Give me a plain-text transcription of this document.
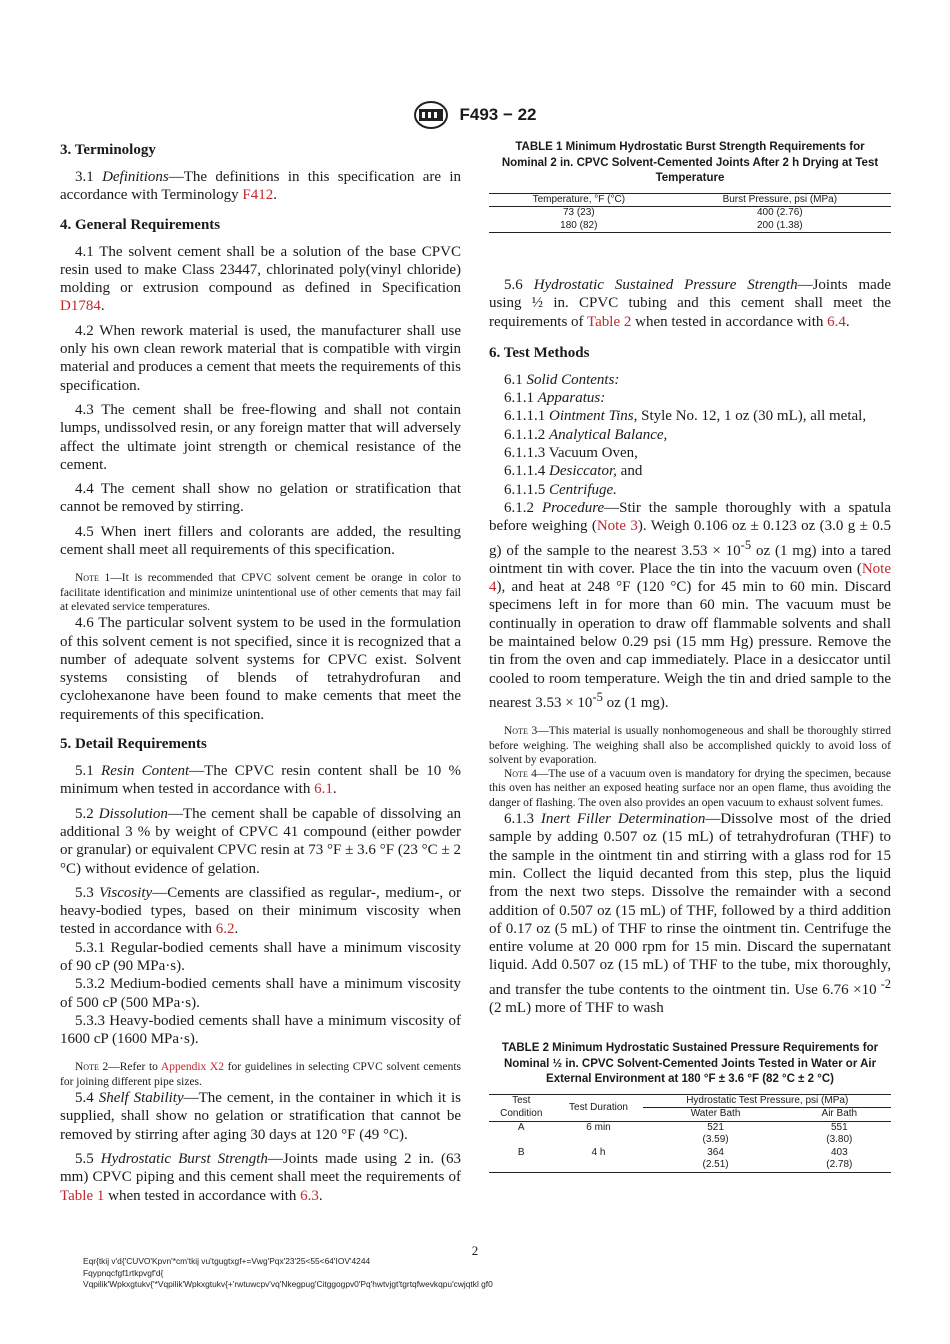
F493 − 22
3. Terminology

3.1 Definitions—The definitions in this specification are in accordance with Terminology F412.

4. General Requirements

4.1 The solvent cement shall be a solution of the base CPVC resin used to make Class 23447, chlorinated poly(vinyl chloride) molding or extrusion compound as defined in Specification D1784.

4.2 When rework material is used, the manufacturer shall use only his own clean rework material that is compatible with virgin material and produces a cement that meets the requirements of this specification.

4.3 The cement shall be free-flowing and shall not contain lumps, undissolved resin, or any foreign matter that will adversely affect the ultimate joint strength or chemical resistance of the cement.

4.4 The cement shall show no gelation or stratification that cannot be removed by stirring.

4.5 When inert fillers and colorants are added, the resulting cement shall meet all requirements of this specification.

Note 1—It is recommended that CPVC solvent cement be orange in color to facilitate identification and minimize unintentional use of other cements that may fail at elevated service temperatures.

4.6 The particular solvent system to be used in the formulation of this solvent cement is not specified, since it is recognized that a number of adequate solvent systems for CPVC exist. Solvent systems consisting of blends of tetrahydrofuran and cyclohexanone have been found to make cements that meet the requirements of this specification.

5. Detail Requirements

5.1 Resin Content—The CPVC resin content shall be 10 % minimum when tested in accordance with 6.1.

5.2 Dissolution—The cement shall be capable of dissolving an additional 3 % by weight of CPVC 41 compound (either powder or granular) or equivalent CPVC resin at 73 °F ± 3.6 °F (23 °C ± 2 °C) without evidence of gelation.

5.3 Viscosity—Cements are classified as regular-, medium-, or heavy-bodied types, based on their minimum viscosity when tested in accordance with 6.2.

5.3.1 Regular-bodied cements shall have a minimum viscosity of 90 cP (90 MPa·s).

5.3.2 Medium-bodied cements shall have a minimum viscosity of 500 cP (500 MPa·s).

5.3.3 Heavy-bodied cements shall have a minimum viscosity of 1600 cP (1600 MPa·s).

Note 2—Refer to Appendix X2 for guidelines in selecting CPVC solvent cements for joining different pipe sizes.

5.4 Shelf Stability—The cement, in the container in which it is supplied, shall show no gelation or stratification that cannot be removed by stirring after aging 30 days at 120 °F (49 °C).

5.5 Hydrostatic Burst Strength—Joints made using 2 in. (63 mm) CPVC piping and this cement shall meet the requirements of Table 1 when tested in accordance with 6.3.

TABLE 1 Minimum Hydrostatic Burst Strength Requirements for Nominal 2 in. CPVC Solvent-Cemented Joints After 2 h Drying at Test Temperature
Temperature, °F (°C)	Burst Pressure, psi (MPa)
73 (23)	400 (2.76)
180 (82)	200 (1.38)

5.6 Hydrostatic Sustained Pressure Strength—Joints made using ½ in. CPVC tubing and this cement shall meet the requirements of Table 2 when tested in accordance with 6.4.

6. Test Methods

6.1 Solid Contents:

6.1.1 Apparatus:

6.1.1.1 Ointment Tins, Style No. 12, 1 oz (30 mL), all metal,

6.1.1.2 Analytical Balance,

6.1.1.3 Vacuum Oven,

6.1.1.4 Desiccator, and

6.1.1.5 Centrifuge.

6.1.2 Procedure—Stir the sample thoroughly with a spatula before weighing (Note 3). Weigh 0.106 oz ± 0.123 oz (3.0 g ± 0.5 g) of the sample to the nearest $3.53 \times 10^{-5}$ oz (1 mg) into a tared ointment tin with cover. Place the tin into the vacuum oven (Note 4), and heat at 248 °F (120 °C) for 45 min to 60 min. Discard specimens left in for more than 60 min. The vacuum must be continually in operation to draw off flammable solvents and shall be maintained below 0.29 psi (15 mm Hg) pressure. Remove the tin from the oven and cap immediately. Place in a desiccator until cooled to room temperature. Weigh the tin and dried sample to the nearest $3.53 \times 10^{-5}$ oz (1 mg).

Note 3—This material is usually nonhomogeneous and shall be thoroughly stirred before weighing. The weighing shall also be accomplished quickly to avoid loss of solvent by evaporation.

Note 4—The use of a vacuum oven is mandatory for drying the specimen, because this oven has neither an exposed heating surface nor an open flame, thus avoiding the danger of flashing. The oven also provides an open vacuum to exhaust solvent fumes.

6.1.3 Inert Filler Determination—Dissolve most of the dried sample by adding 0.507 oz (15 mL) of tetrahydrofuran (THF) to the sample in the ointment tin and stirring with a glass rod for 15 min. Collect the liquid decanted from this step, plus the liquid from the next two steps. Dissolve the remainder with a second addition of 0.507 oz (15 mL) of THF, followed by a third addition of 0.17 oz (5 mL) of THF to rinse the ointment tin. Centrifuge the entire volume at 20 000 rpm for 15 min. Discard the supernatant liquid. Add 0.507 oz (15 mL) of THF to the tube, mix thoroughly, and transfer the tube contents to the ointment tin. Use 6.76 ×10 $^{-2}$ (2 mL) more of THF to wash

TABLE 2 Minimum Hydrostatic Sustained Pressure Requirements for Nominal ½ in. CPVC Solvent-Cemented Joints Tested in Water or Air External Environment at 180 °F ± 3.6 °F (82 °C ± 2 °C)
Test	Test Duration	Hydrostatic Test Pressure, psi (MPa)	
Condition		Water Bath	Air Bath
A	6 min	521	551
		(3.59)	(3.80)
B	4 h	364	403
		(2.51)	(2.78)
2
Eqr{tkij v'd{'CUVO'Kpvn'*cm'tkij vu'tgugtxgf+=Vwg'Pqx'23'25<55<64'IOV'4244
Fqypnqcfgf1rtkpvgf'd{
Vqpilik'Wpkxgtukv{'*Vqpilik'Wpkxgtukv{+'rwtuwcpv'vq'Nkegpug'Citggogpv0'Pq'hwtvjgt'tgrtqfwevkqpu'cwjqtkl gf0
